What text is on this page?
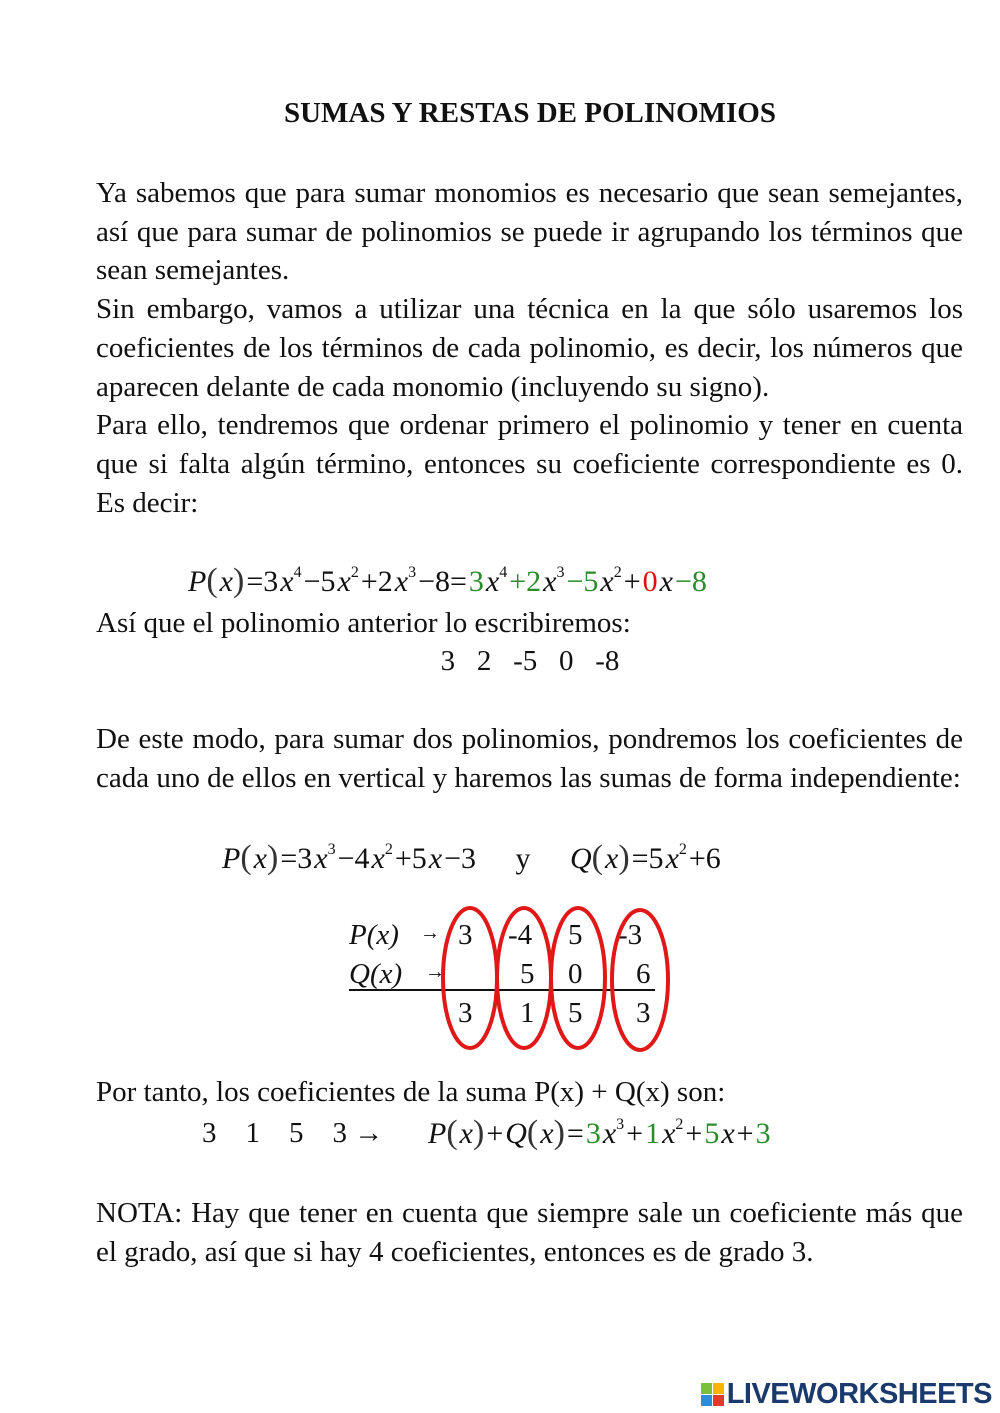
SUMAS Y RESTAS DE POLINOMIOS

Ya sabemos que para sumar monomios es necesario que sean semejantes, así que para sumar de polinomios se puede ir agrupando los términos que sean semejantes.

Sin embargo, vamos a utilizar una técnica en la que sólo usaremos los coeficientes de los términos de cada polinomio, es decir, los números que aparecen delante de cada monomio (incluyendo su signo).

Para ello, tendremos que ordenar primero el polinomio y tener en cuenta que si falta algún término, entonces su coeficiente correspondiente es 0. Es decir:

$P(x)=3x^4-5x^2+2x^3-8=3x^4+2x^3-5x^2+0x-8$
Así que el polinomio anterior lo escribiremos:
3   2   -5   0   -8
De este modo, para sumar dos polinomios, pondremos los coeficientes de cada uno de ellos en vertical y haremos las sumas de forma independiente:
$P(x)=3x^3-4x^2+5x-3$     y     $Q(x)=5x^2+6$
P(x) →
Q(x) →
3 -4 5 -3
5 0 6
3 1 5 3
Por tanto, los coeficientes de la suma P(x) + Q(x) son:
3    1    5    $3 \to P(x)+Q(x)=3x^3+1x^2+5x+3$
NOTA: Hay que tener en cuenta que siempre sale un coeficiente más que el grado, así que si hay 4 coeficientes, entonces es de grado 3.
LIVEWORKSHEETS
